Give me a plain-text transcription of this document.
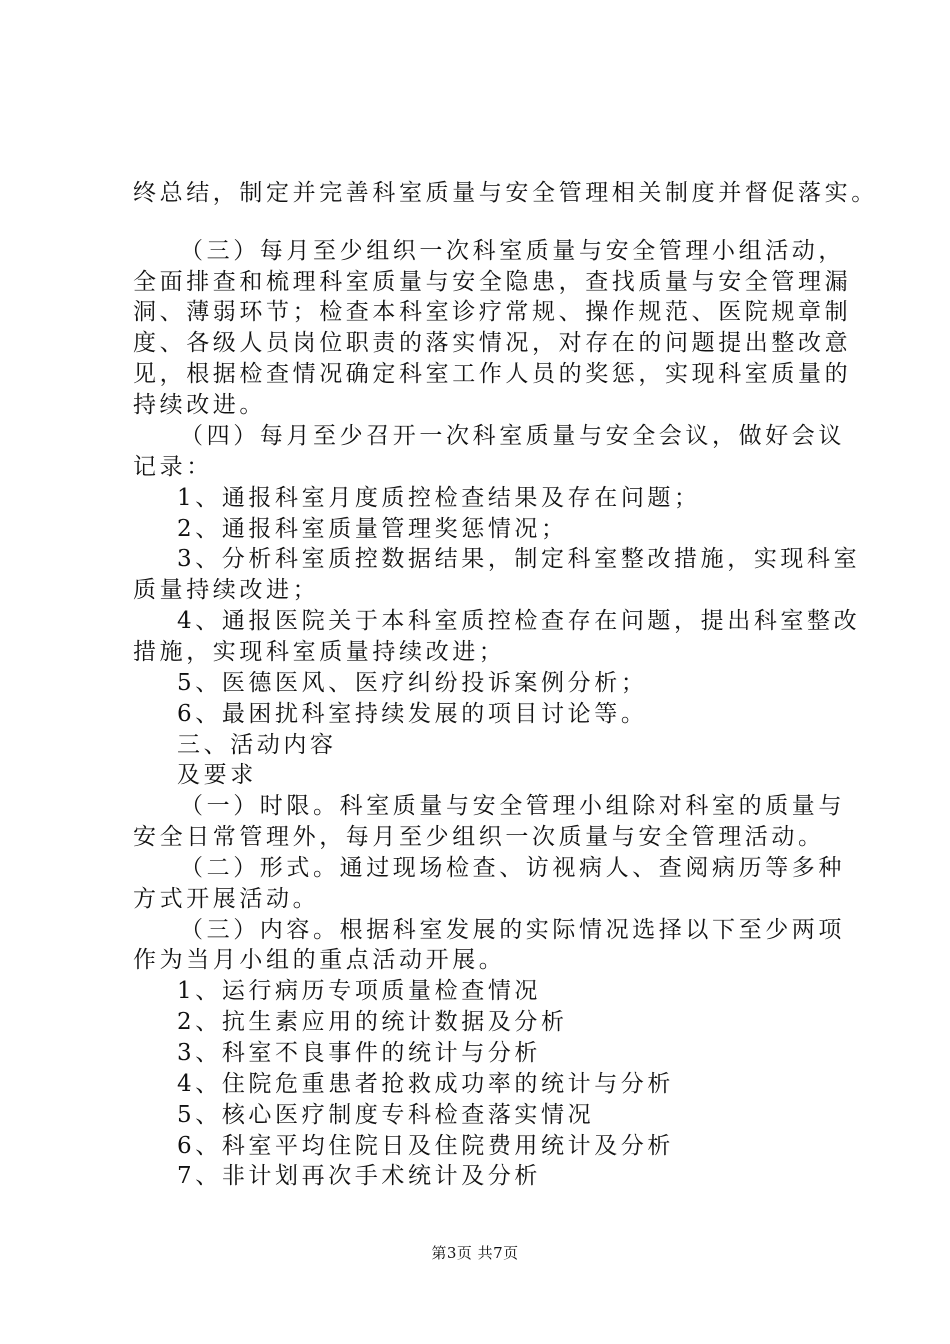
终总结，制定并完善科室质量与安全管理相关制度并督促落实。
（三）每月至少组织一次科室质量与安全管理小组活动，
全面排查和梳理科室质量与安全隐患，查找质量与安全管理漏
洞、薄弱环节；检查本科室诊疗常规、操作规范、医院规章制
度、各级人员岗位职责的落实情况，对存在的问题提出整改意
见，根据检查情况确定科室工作人员的奖惩，实现科室质量的
持续改进。
（四）每月至少召开一次科室质量与安全会议，做好会议
记录：
1、通报科室月度质控检查结果及存在问题；
2、通报科室质量管理奖惩情况；
3、分析科室质控数据结果，制定科室整改措施，实现科室
质量持续改进；
4、通报医院关于本科室质控检查存在问题，提出科室整改
措施，实现科室质量持续改进；
5、医德医风、医疗纠纷投诉案例分析；
6、最困扰科室持续发展的项目讨论等。
三、活动内容
及要求
（一）时限。科室质量与安全管理小组除对科室的质量与
安全日常管理外，每月至少组织一次质量与安全管理活动。
（二）形式。通过现场检查、访视病人、查阅病历等多种
方式开展活动。
（三）内容。根据科室发展的实际情况选择以下至少两项
作为当月小组的重点活动开展。
1、运行病历专项质量检查情况
2、抗生素应用的统计数据及分析
3、科室不良事件的统计与分析
4、住院危重患者抢救成功率的统计与分析
5、核心医疗制度专科检查落实情况
6、科室平均住院日及住院费用统计及分析
7、非计划再次手术统计及分析
第3页 共7页
